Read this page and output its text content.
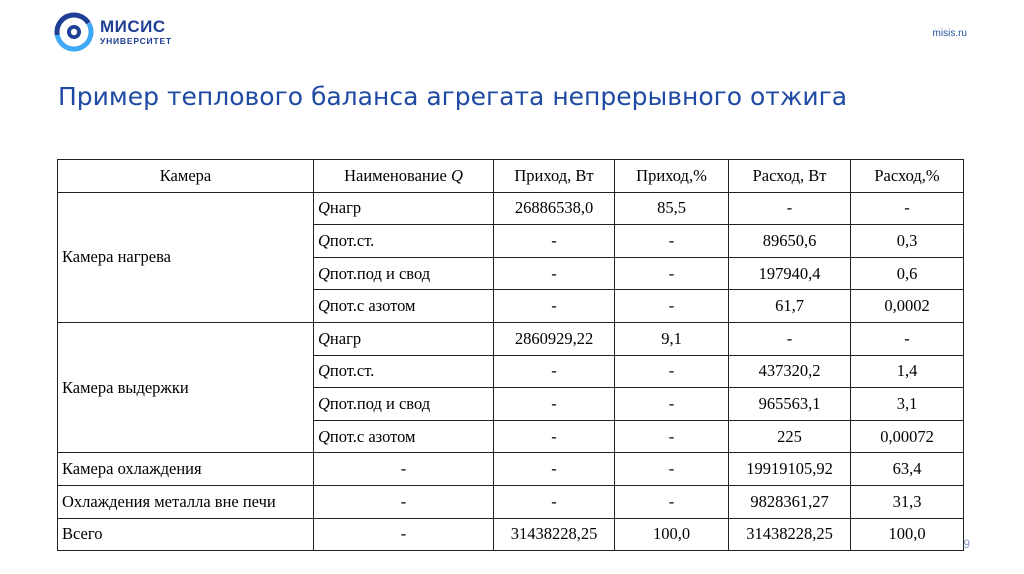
МИСИС
УНИВЕРСИТЕТ
misis.ru
Пример теплового баланса агрегата непрерывного отжига
Камера	Наименование Q	Приход, Вт	Приход,%	Расход, Вт	Расход,%
Камера нагрева	Qнагр	26886538,0	85,5	-	-
	Qпот.ст.	-	-	89650,6	0,3
	Qпот.под и свод	-	-	197940,4	0,6
	Qпот.с азотом	-	-	61,7	0,0002
Камера выдержки	Qнагр	2860929,22	9,1	-	-
	Qпот.ст.	-	-	437320,2	1,4
	Qпот.под и свод	-	-	965563,1	3,1
	Qпот.с азотом	-	-	225	0,00072
Камера охлаждения	-	-	-	19919105,92	63,4
Охлаждения металла вне печи	-	-	-	9828361,27	31,3
Всего	-	31438228,25	100,0	31438228,25	100,0
9
